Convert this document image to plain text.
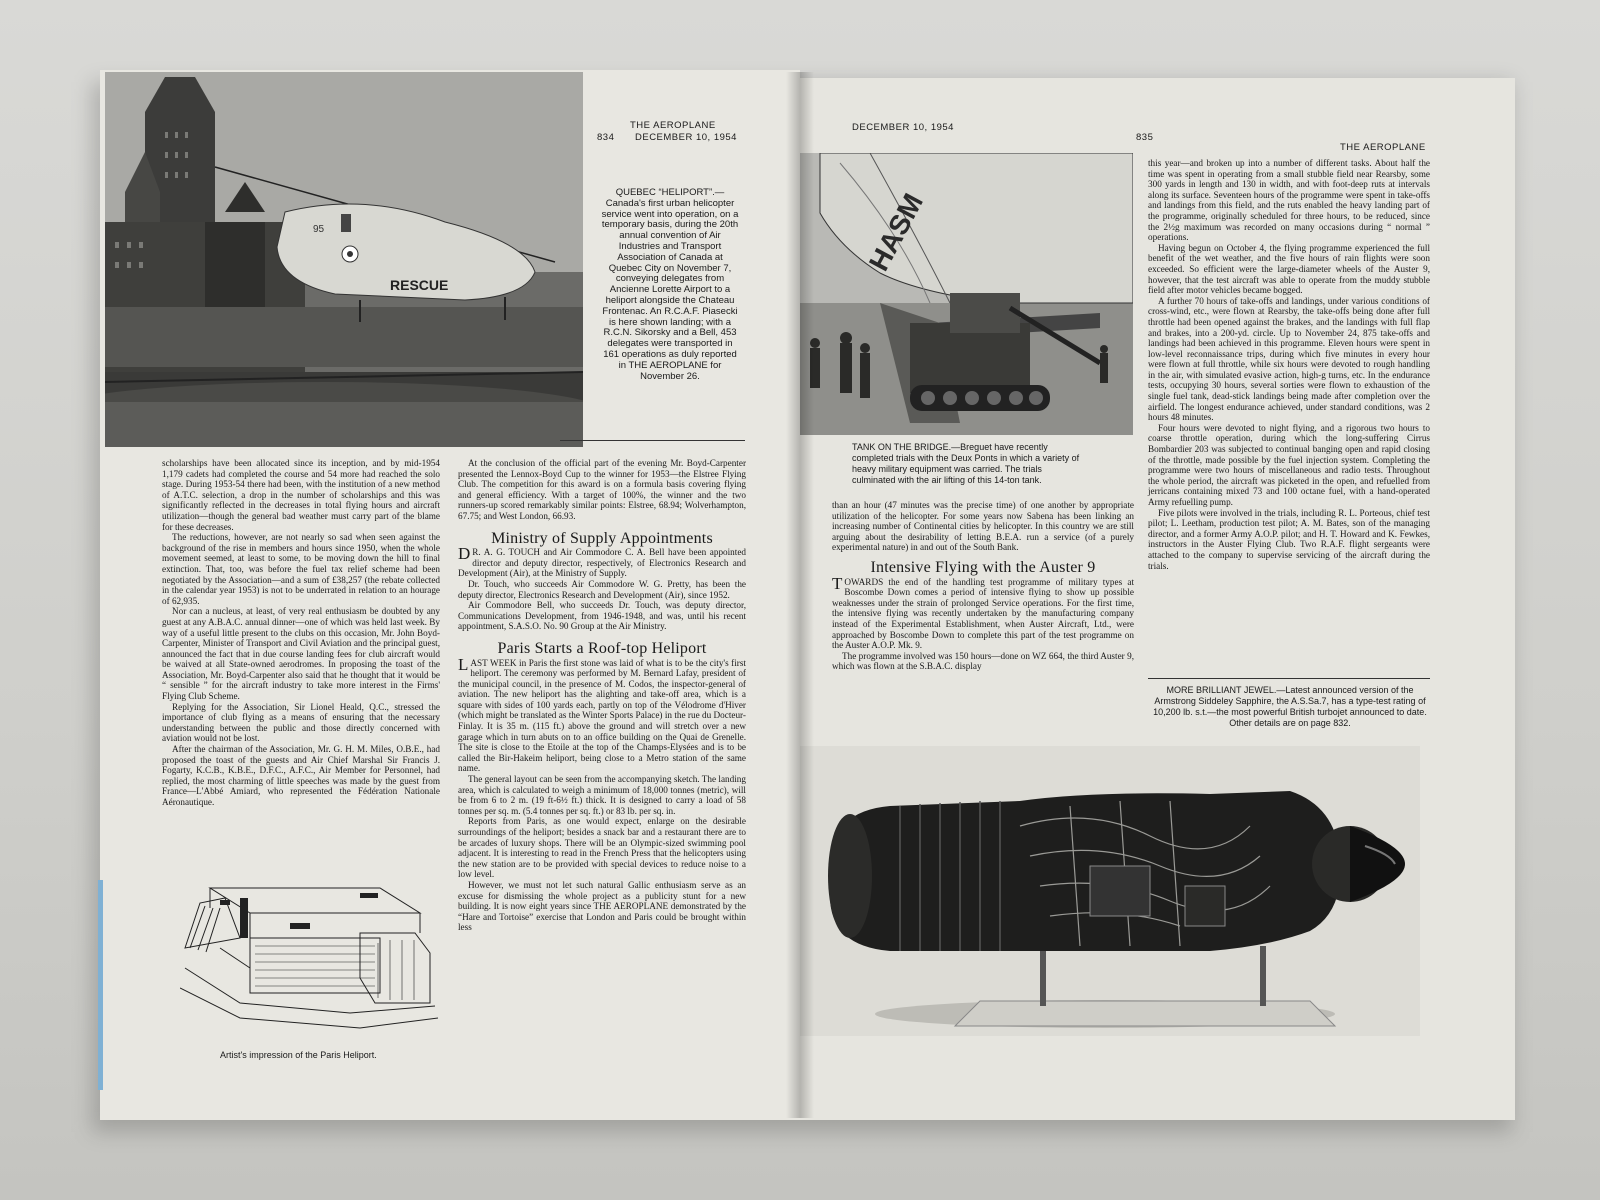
95
RESCUE
THE AEROPLANE
834 DECEMBER 10, 1954
QUEBEC “HELIPORT”.—Canada's first urban helicopter service went into operation, on a temporary basis, during the 20th annual convention of Air Industries and Transport Association of Canada at Quebec City on November 7, conveying delegates from Ancienne Lorette Airport to a heliport alongside the Chateau Frontenac. An R.C.A.F. Piasecki is here shown landing; with a R.C.N. Sikorsky and a Bell, 453 delegates were transported in 161 operations as duly reported in THE AEROPLANE for November 26.

scholarships have been allocated since its inception, and by mid-1954 1,179 cadets had completed the course and 54 more had reached the solo stage. During 1953-54 there had been, with the institution of a new method of A.T.C. selection, a drop in the number of scholarships and this was significantly reflected in the decreases in total flying hours and aircraft utilization—though the general bad weather must carry part of the blame for these decreases.

The reductions, however, are not nearly so sad when seen against the background of the rise in members and hours since 1950, when the whole movement seemed, at least to some, to be moving down the hill to final extinction. That, too, was before the fuel tax relief scheme had been negotiated by the Association—and a sum of £38,257 (the rebate collected in the calendar year 1953) is not to be underrated in relation to an hourage of 62,935.

Nor can a nucleus, at least, of very real enthusiasm be doubted by any guest at any A.B.A.C. annual dinner—one of which was held last week. By way of a useful little present to the clubs on this occasion, Mr. John Boyd-Carpenter, Minister of Transport and Civil Aviation and the principal guest, announced the fact that in due course landing fees for club aircraft would be waived at all State-owned aerodromes. In proposing the toast of the Association, Mr. Boyd-Carpenter also said that he thought that it would be “ sensible ” for the aircraft industry to take more interest in the Firms' Flying Club Scheme.

Replying for the Association, Sir Lionel Heald, Q.C., stressed the importance of club flying as a means of ensuring that the necessary understanding between the public and those directly concerned with aviation would not be lost.

After the chairman of the Association, Mr. G. H. M. Miles, O.B.E., had proposed the toast of the guests and Air Chief Marshal Sir Francis J. Fogarty, K.C.B., K.B.E., D.F.C., A.F.C., Air Member for Personnel, had replied, the most charming of little speeches was made by the guest from France—L'Abbé Amiard, who represented the Fédération Nationale Aéronautique.

Artist's impression of the Paris Heliport.

At the conclusion of the official part of the evening Mr. Boyd-Carpenter presented the Lennox-Boyd Cup to the winner for 1953—the Elstree Flying Club. The competition for this award is on a formula basis covering flying and general efficiency. With a target of 100%, the winner and the two runners-up scored remarkably similar points: Elstree, 68.94; Wolverhampton, 67.75; and West London, 66.93.

Ministry of Supply Appointments

DR. A. G. TOUCH and Air Commodore C. A. Bell have been appointed director and deputy director, respectively, of Electronics Research and Development (Air), at the Ministry of Supply.

Dr. Touch, who succeeds Air Commodore W. G. Pretty, has been the deputy director, Electronics Research and Development (Air), since 1952.

Air Commodore Bell, who succeeds Dr. Touch, was deputy director, Communications Development, from 1946-1948, and was, until his recent appointment, S.A.S.O. No. 90 Group at the Air Ministry.

Paris Starts a Roof-top Heliport

LAST WEEK in Paris the first stone was laid of what is to be the city's first heliport. The ceremony was performed by M. Bernard Lafay, president of the municipal council, in the presence of M. Codos, the inspector-general of aviation. The new heliport has the alighting and take-off area, which is a square with sides of 100 yards each, partly on top of the Vélodrome d'Hiver (which might be translated as the Winter Sports Palace) in the rue du Docteur-Finlay. It is 35 m. (115 ft.) above the ground and will stretch over a new garage which in turn abuts on to an office building on the Quai de Grenelle. The site is close to the Etoile at the top of the Champs-Elysées and is to be called the Bir-Hakeim heliport, being close to a Metro station of the same name.

The general layout can be seen from the accompanying sketch. The landing area, which is calculated to weigh a minimum of 18,000 tonnes (metric), will be from 6 to 2 m. (19 ft-6½ ft.) thick. It is designed to carry a load of 58 tonnes per sq. m. (5.4 tonnes per sq. ft.) or 83 lb. per sq. in.

Reports from Paris, as one would expect, enlarge on the desirable surroundings of the heliport; besides a snack bar and a restaurant there are to be arcades of luxury shops. There will be an Olympic-sized swimming pool adjacent. It is interesting to read in the French Press that the helicopters using the new station are to be provided with special devices to reduce noise to a low level.

However, we must not let such natural Gallic enthusiasm serve as an excuse for dismissing the whole project as a publicity stunt for a new building. It is now eight years since THE AEROPLANE demonstrated by the “Hare and Tortoise” exercise that London and Paris could be brought within less

DECEMBER 10, 1954
835
THE AEROPLANE
HASM
TANK ON THE BRIDGE.—Breguet have recently completed trials with the Deux Ponts in which a variety of heavy military equipment was carried. The trials culminated with the air lifting of this 14-ton tank.

than an hour (47 minutes was the precise time) of one another by appropriate utilization of the helicopter. For some years now Sabena has been linking an increasing number of Continental cities by helicopter. In this country we are still arguing about the desirability of letting B.E.A. run a service (of a purely experimental nature) in and out of the South Bank.

Intensive Flying with the Auster 9

TOWARDS the end of the handling test programme of military types at Boscombe Down comes a period of intensive flying to show up possible weaknesses under the strain of prolonged Service operations. For the first time, the intensive flying was recently undertaken by the manufacturing company instead of the Experimental Establishment, when Auster Aircraft, Ltd., were approached by Boscombe Down to complete this part of the test programme on the Auster A.O.P. Mk. 9.

The programme involved was 150 hours—done on WZ 664, the third Auster 9, which was flown at the S.B.A.C. display

this year—and broken up into a number of different tasks. About half the time was spent in operating from a small stubble field near Rearsby, some 300 yards in length and 130 in width, and with foot-deep ruts at intervals along its surface. Seventeen hours of the programme were spent in take-offs and landings from this field, and the ruts enabled the heavy landing part of the programme, originally scheduled for three hours, to be reduced, since the 2½g maximum was recorded on many occasions during “ normal ” operations.

Having begun on October 4, the flying programme experienced the full benefit of the wet weather, and the five hours of rain flights were soon exceeded. So efficient were the large-diameter wheels of the Auster 9, however, that the test aircraft was able to operate from the muddy stubble field after motor vehicles became bogged.

A further 70 hours of take-offs and landings, under various conditions of cross-wind, etc., were flown at Rearsby, the take-offs being done after full throttle had been opened against the brakes, and the landings with full flap and brakes, into a 200-yd. circle. Up to November 24, 875 take-offs and landings had been achieved in this programme. Eleven hours were spent in low-level reconnaissance trips, during which five minutes in every hour were flown at full throttle, while six hours were devoted to rough handling in the air, with simulated evasive action, high-g turns, etc. In the endurance tests, occupying 30 hours, several sorties were flown to exhaustion of the single fuel tank, dead-stick landings being made after completion over the airfield. The longest endurance achieved, under standard conditions, was 2 hours 48 minutes.

Four hours were devoted to night flying, and a rigorous two hours to coarse throttle operation, during which the long-suffering Cirrus Bombardier 203 was subjected to continual banging open and rapid closing of the throttle, made possible by the fuel injection system. Completing the programme were two hours of miscellaneous and radio tests. Throughout the whole period, the aircraft was picketed in the open, and refuelled from jerricans containing mixed 73 and 100 octane fuel, with a hand-operated Army refuelling pump.

Five pilots were involved in the trials, including R. L. Porteous, chief test pilot; L. Leetham, production test pilot; A. M. Bates, son of the managing director, and a former Army A.O.P. pilot; and H. T. Howard and K. Fewkes, instructors in the Auster Flying Club. Two R.A.F. flight sergeants were attached to the company to supervise servicing of the aircraft during the trials.

MORE BRILLIANT JEWEL.—Latest announced version of the Armstrong Siddeley Sapphire, the A.S.Sa.7, has a type-test rating of 10,200 lb. s.t.—the most powerful British turbojet announced to date. Other details are on page 832.
